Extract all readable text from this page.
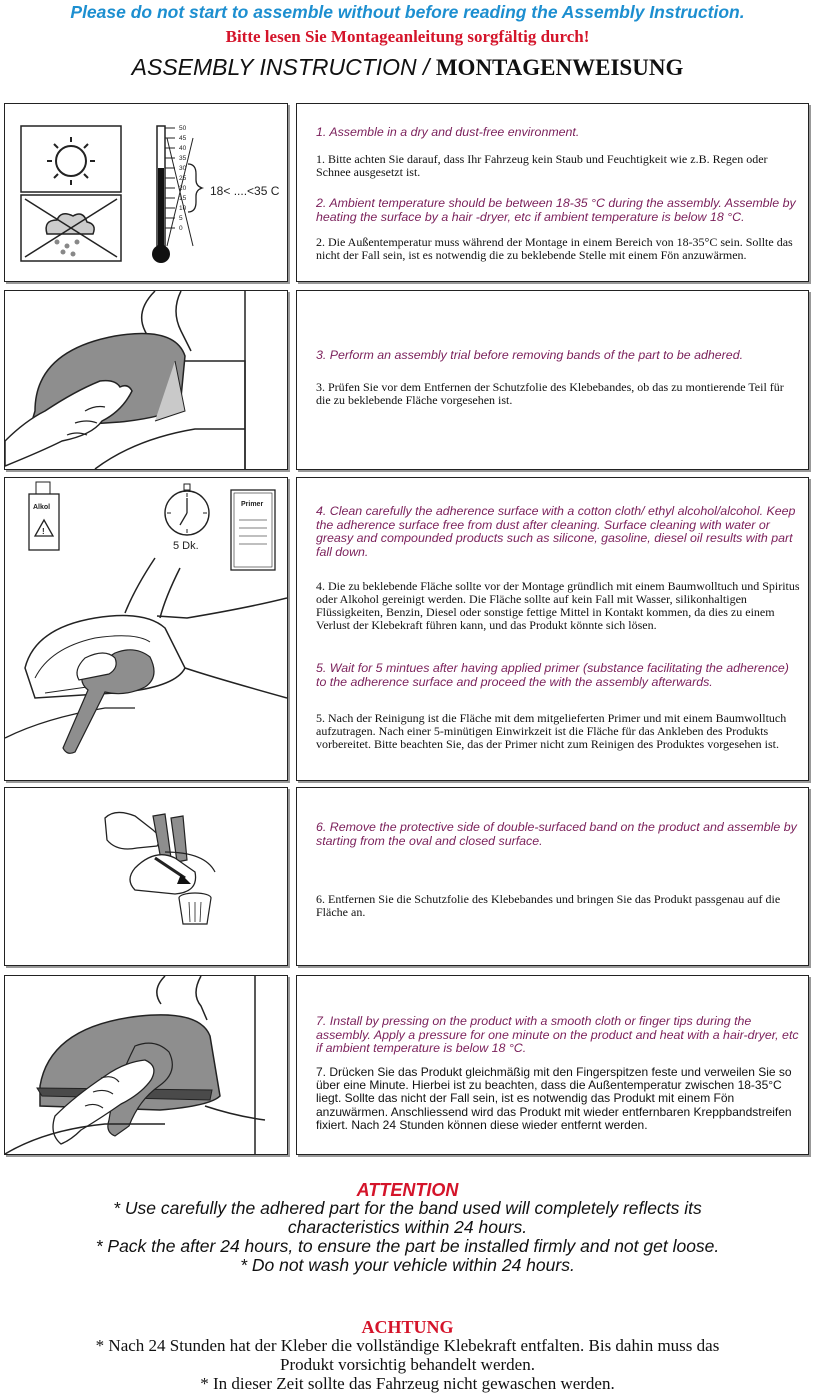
Please do not start to assemble without before reading the Assembly Instruction.
Bitte lesen Sie Montageanleitung sorgfältig durch!
ASSEMBLY INSTRUCTION / MONTAGENWEISUNG
50
45
40
35
30
25
20
15
10
5
0
18< ....<35 C
1. Assemble in a dry and dust-free environment.
1. Bitte achten Sie darauf, dass Ihr Fahrzeug kein Staub und Feuchtigkeit wie z.B. Regen oder Schnee ausgesetzt ist.
2. Ambient temperature should be between 18-35 °C during the assembly. Assemble by heating the surface by a hair -dryer, etc if ambient temperature is below 18 °C.
2. Die Außentemperatur muss während der Montage in einem Bereich von 18-35°C sein. Sollte das nicht der Fall sein, ist es notwendig die zu beklebende Stelle mit einem Fön anzuwärmen.
3. Perform an assembly trial before removing bands of the part to be adhered.
3. Prüfen Sie vor dem Entfernen der Schutzfolie des Klebebandes, ob das zu montierende Teil für die zu beklebende Fläche vorgesehen ist.
Alkol
!
5 Dk.
Primer	4. Clean carefully the adherence surface with a cotton cloth/ ethyl alcohol/alcohol. Keep the adherence surface free from dust after cleaning. Surface cleaning with water or greasy and compounded products such as silicone, gasoline, diesel oil results with part fall down.
4. Die zu beklebende Fläche sollte vor der Montage gründlich mit einem Baumwolltuch und Spiritus oder Alkohol gereinigt werden. Die Fläche sollte auf kein Fall mit Wasser, silikonhaltigen Flüssigkeiten, Benzin, Diesel oder sonstige fettige Mittel in Kontakt kommen, da dies zu einem Verlust der Klebekraft führen kann, und das Produkt könnte sich lösen.
5. Wait for 5 mintues after having applied primer (substance facilitating the adherence) to the adherence surface and proceed the with the assembly afterwards.
5. Nach der Reinigung ist die Fläche mit dem mitgelieferten Primer und mit einem Baumwolltuch aufzutragen. Nach einer 5-minütigen Einwirkzeit ist die Fläche für das Ankleben des Produkts vorbereitet. Bitte beachten Sie, das der Primer nicht zum Reinigen des Produktes vorgesehen ist.
6. Remove the protective side of double-surfaced band on the product and assemble by starting from the oval and closed surface.
6. Entfernen Sie die Schutzfolie des Klebebandes und bringen Sie das Produkt passgenau auf die Fläche an.
7. Install by pressing on the product with a smooth cloth or finger tips during the assembly. Apply a pressure for one minute on the product and heat with a hair-dryer, etc if ambient temperature is below 18 °C.
7. Drücken Sie das Produkt gleichmäßig mit den Fingerspitzen feste und verweilen Sie so über eine Minute. Hierbei ist zu beachten, dass die Außentemperatur zwischen 18-35°C liegt. Sollte das nicht der Fall sein, ist es notwendig das Produkt mit einem Fön anzuwärmen. Anschliessend wird das Produkt mit wieder entfernbaren Kreppbandstreifen fixiert. Nach 24 Stunden können diese wieder entfernt werden.
ATTENTION
* Use carefully the adhered part for the band used will completely reflects its
characteristics within 24 hours.
* Pack the after 24 hours, to ensure the part be installed firmly and not get loose.
* Do not wash your vehicle within 24 hours.
ACHTUNG
* Nach 24 Stunden hat der Kleber die vollständige Klebekraft entfalten. Bis dahin muss das
Produkt vorsichtig behandelt werden.
* In dieser Zeit sollte das Fahrzeug nicht gewaschen werden.
